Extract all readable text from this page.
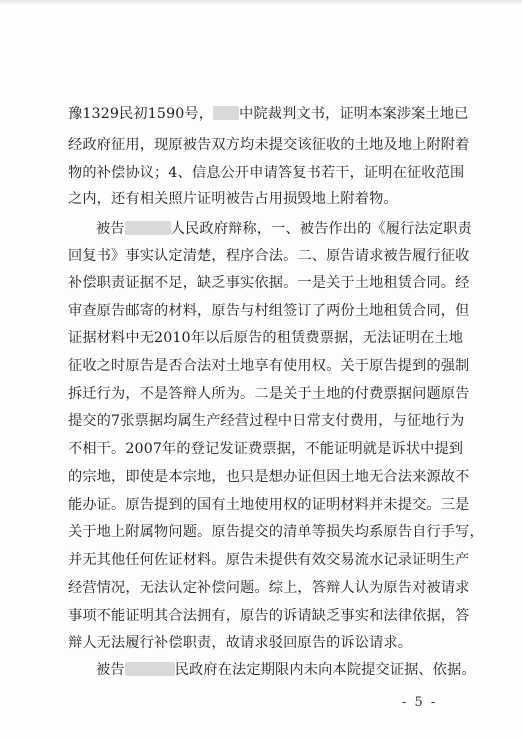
豫1329民初1590号， 中院裁判文书，证明本案涉案土地已
经政府征用，现原被告双方均未提交该征收的土地及地上附附着
物的补偿协议；4、信息公开申请答复书若干，证明在征收范围
之内，还有相关照片证明被告占用损毁地上附着物。
被告	人民政府辩称，一、被告作出的《履行法定职责
回复书》事实认定清楚，程序合法。二、原告请求被告履行征收
补偿职责证据不足，缺乏事实依据。一是关于土地租赁合同。经
审查原告邮寄的材料，原告与村组签订了两份土地租赁合同，但
证据材料中无2010年以后原告的租赁费票据，无法证明在土地
征收之时原告是否合法对土地享有使用权。关于原告提到的强制
拆迁行为，不是答辩人所为。二是关于土地的付费票据问题原告
提交的7张票据均属生产经营过程中日常支付费用，与征地行为
不相干。2007年的登记发证费票据，不能证明就是诉状中提到
的宗地，即使是本宗地，也只是想办证但因土地无合法来源故不
能办证。原告提到的国有土地使用权的证明材料并未提交。三是
关于地上附属物问题。原告提交的清单等损失均系原告自行手写，
并无其他任何佐证材料。原告未提供有效交易流水记录证明生产
经营情况，无法认定补偿问题。综上，答辩人认为原告对被请求
事项不能证明其合法拥有，原告的诉请缺乏事实和法律依据，答
辩人无法履行补偿职责，故请求驳回原告的诉讼请求。
被告	民政府在法定期限内未向本院提交证据、依据。
- 5 -
